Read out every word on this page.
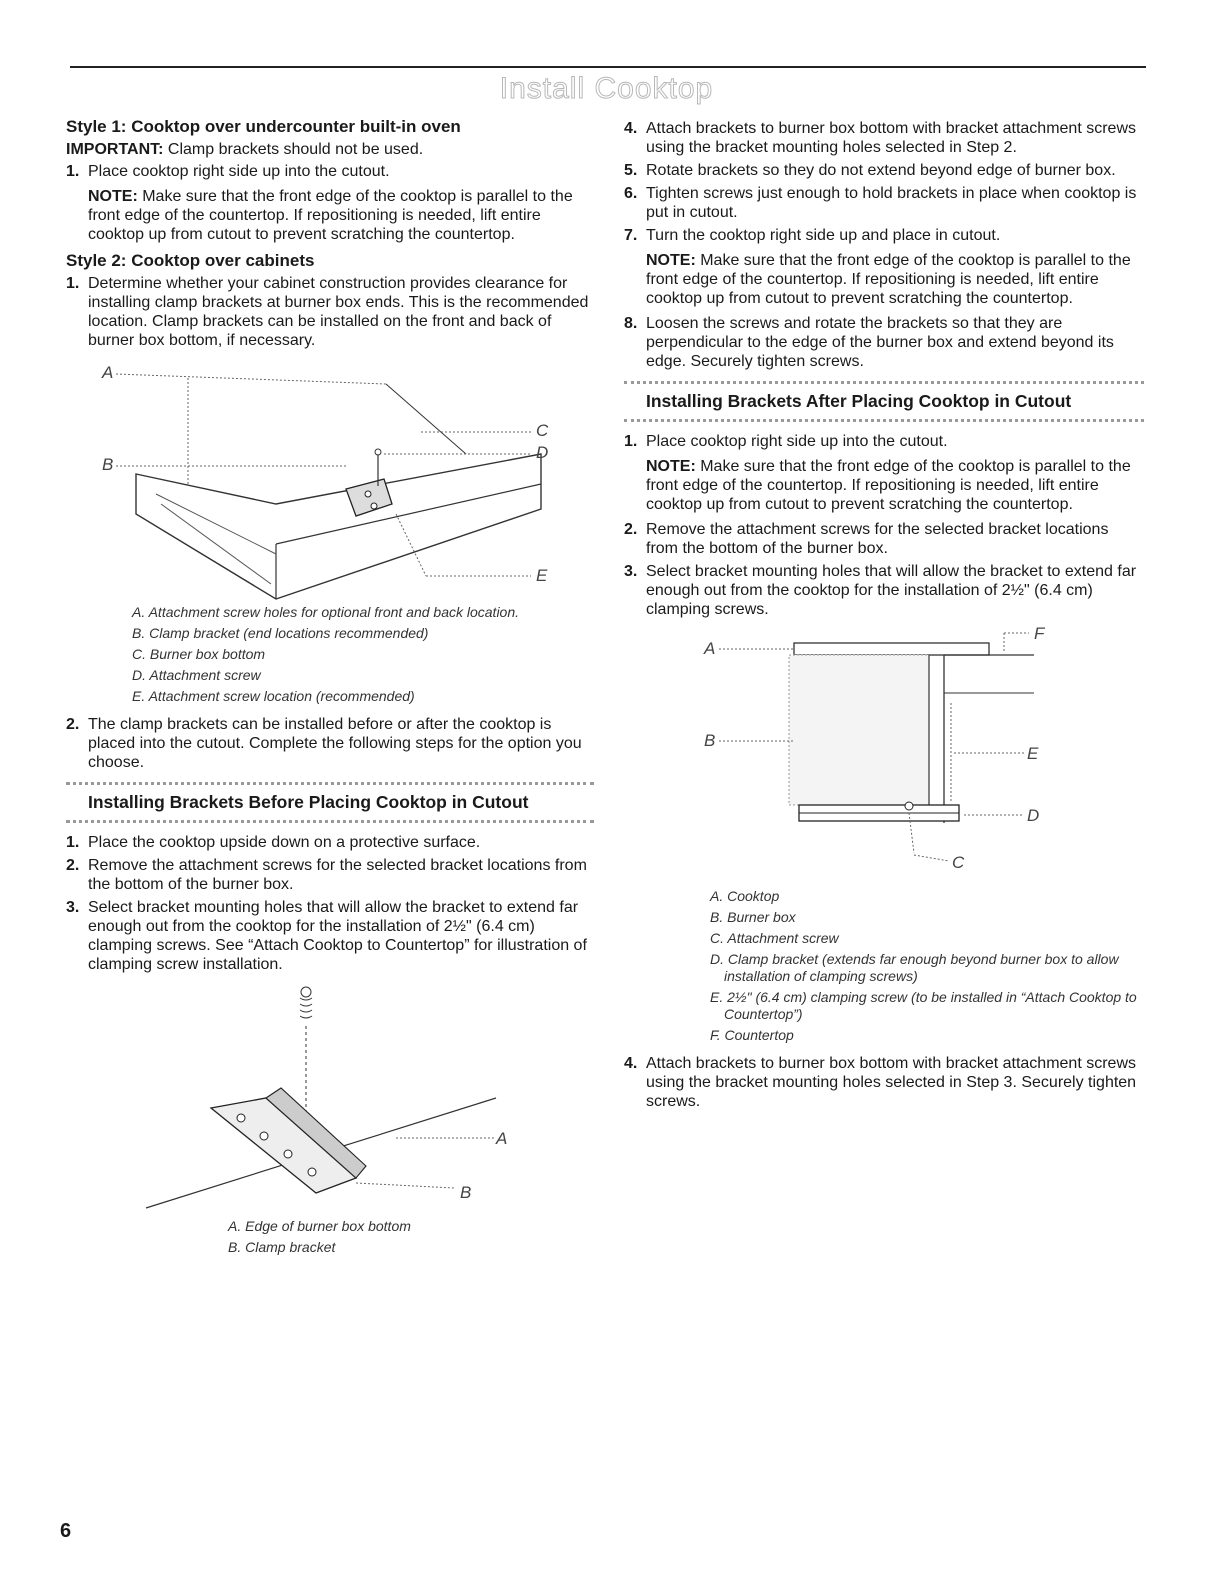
Install Cooktop
Style 1: Cooktop over undercounter built-in oven

IMPORTANT: Clamp brackets should not be used.

1. Place cooktop right side up into the cutout.

NOTE: Make sure that the front edge of the cooktop is parallel to the front edge of the countertop. If repositioning is needed, lift entire cooktop up from cutout to prevent scratching the countertop.

Style 2: Cooktop over cabinets
1. Determine whether your cabinet construction provides clearance for installing clamp brackets at burner box ends. This is the recommended location. Clamp brackets can be installed on the front and back of burner box bottom, if necessary.
A
B
C
D
E
A. Attachment screw holes for optional front and back location.
B. Clamp bracket (end locations recommended)
C. Burner box bottom
D. Attachment screw
E. Attachment screw location (recommended)
2. The clamp brackets can be installed before or after the cooktop is placed into the cutout. Complete the following steps for the option you choose.
Installing Brackets Before Placing Cooktop in Cutout
1. Place the cooktop upside down on a protective surface.
2. Remove the attachment screws for the selected bracket locations from the bottom of the burner box.
3. Select bracket mounting holes that will allow the bracket to extend far enough out from the cooktop for the installation of 2½" (6.4 cm) clamping screws. See “Attach Cooktop to Countertop” for illustration of clamping screw installation.
A
B
A. Edge of burner box bottom
B. Clamp bracket
4. Attach brackets to burner box bottom with bracket attachment screws using the bracket mounting holes selected in Step 2.
5. Rotate brackets so they do not extend beyond edge of burner box.
6. Tighten screws just enough to hold brackets in place when cooktop is put in cutout.
7. Turn the cooktop right side up and place in cutout.

NOTE: Make sure that the front edge of the cooktop is parallel to the front edge of the countertop. If repositioning is needed, lift entire cooktop up from cutout to prevent scratching the countertop.

8. Loosen the screws and rotate the brackets so that they are perpendicular to the edge of the burner box and extend beyond its edge. Securely tighten screws.
Installing Brackets After Placing Cooktop in Cutout
1. Place cooktop right side up into the cutout.

NOTE: Make sure that the front edge of the cooktop is parallel to the front edge of the countertop. If repositioning is needed, lift entire cooktop up from cutout to prevent scratching the countertop.

2. Remove the attachment screws for the selected bracket locations from the bottom of the burner box.
3. Select bracket mounting holes that will allow the bracket to extend far enough out from the cooktop for the installation of 2½" (6.4 cm) clamping screws.
A
B
C
D
E
F
A. Cooktop
B. Burner box
C. Attachment screw
D. Clamp bracket (extends far enough beyond burner box to allow installation of clamping screws)
E. 2½" (6.4 cm) clamping screw (to be installed in “Attach Cooktop to Countertop”)
F. Countertop
4. Attach brackets to burner box bottom with bracket attachment screws using the bracket mounting holes selected in Step 3. Securely tighten screws.
6
